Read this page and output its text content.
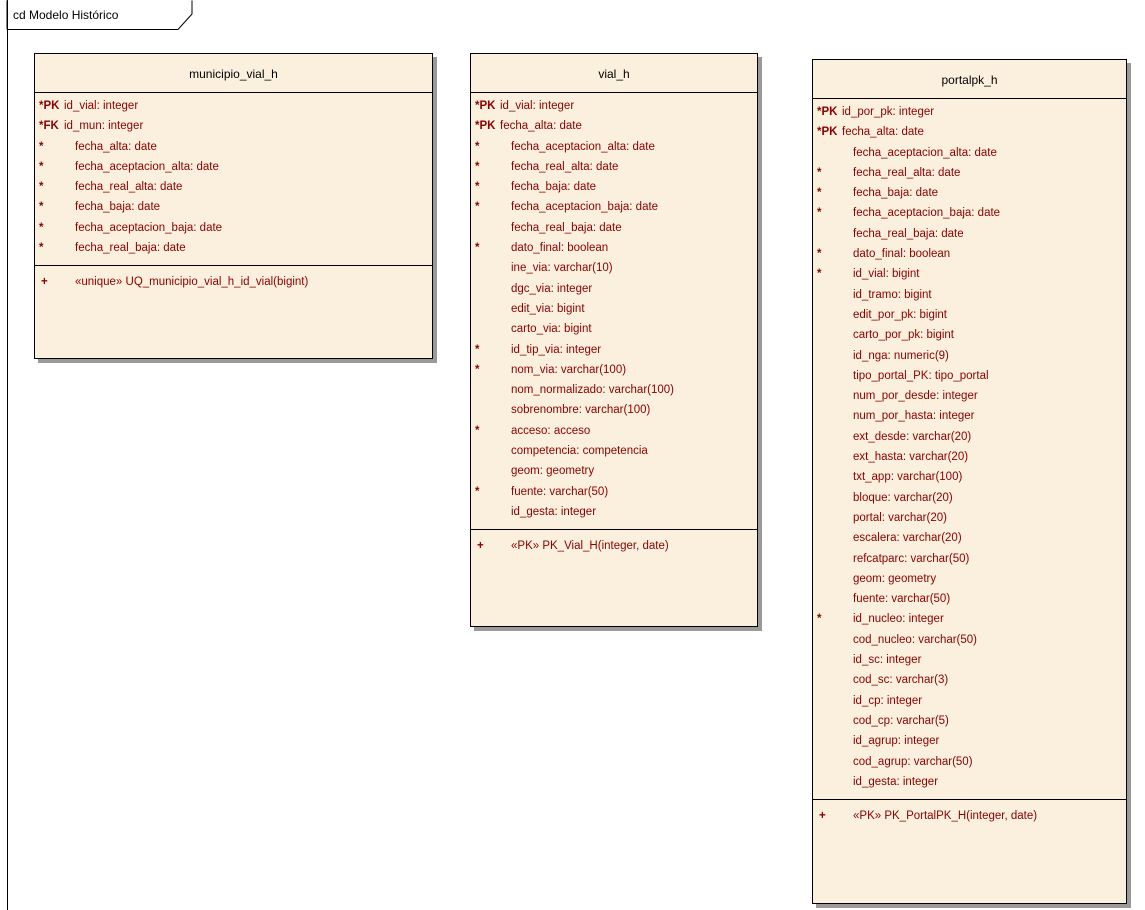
cd Modelo Histórico
municipio_vial_h
*PK id_vial: integer
*FK id_mun: integer
*	fecha_alta: date
*	fecha_aceptacion_alta: date
*	fecha_real_alta: date
*	fecha_baja: date
*	fecha_aceptacion_baja: date
*	fecha_real_baja: date
+ «unique» UQ_municipio_vial_h_id_vial(bigint)
vial_h
*PK id_vial: integer
*PK fecha_alta: date
*	fecha_aceptacion_alta: date
*	fecha_real_alta: date
*	fecha_baja: date
*	fecha_aceptacion_baja: date
fecha_real_baja: date
*	dato_final: boolean
ine_via: varchar(10)
dgc_via: integer
edit_via: bigint
carto_via: bigint
*	id_tip_via: integer
*	nom_via: varchar(100)
nom_normalizado: varchar(100)
sobrenombre: varchar(100)
*	acceso: acceso
competencia: competencia
geom: geometry
*	fuente: varchar(50)
id_gesta: integer
+ «PK» PK_Vial_H(integer, date)
portalpk_h
*PK id_por_pk: integer
*PK fecha_alta: date
fecha_aceptacion_alta: date
*	fecha_real_alta: date
*	fecha_baja: date
*	fecha_aceptacion_baja: date
fecha_real_baja: date
*	dato_final: boolean
*	id_vial: bigint
id_tramo: bigint
edit_por_pk: bigint
carto_por_pk: bigint
id_nga: numeric(9)
tipo_portal_PK: tipo_portal
num_por_desde: integer
num_por_hasta: integer
ext_desde: varchar(20)
ext_hasta: varchar(20)
txt_app: varchar(100)
bloque: varchar(20)
portal: varchar(20)
escalera: varchar(20)
refcatparc: varchar(50)
geom: geometry
fuente: varchar(50)
*	id_nucleo: integer
cod_nucleo: varchar(50)
id_sc: integer
cod_sc: varchar(3)
id_cp: integer
cod_cp: varchar(5)
id_agrup: integer
cod_agrup: varchar(50)
id_gesta: integer
+ «PK» PK_PortalPK_H(integer, date)
